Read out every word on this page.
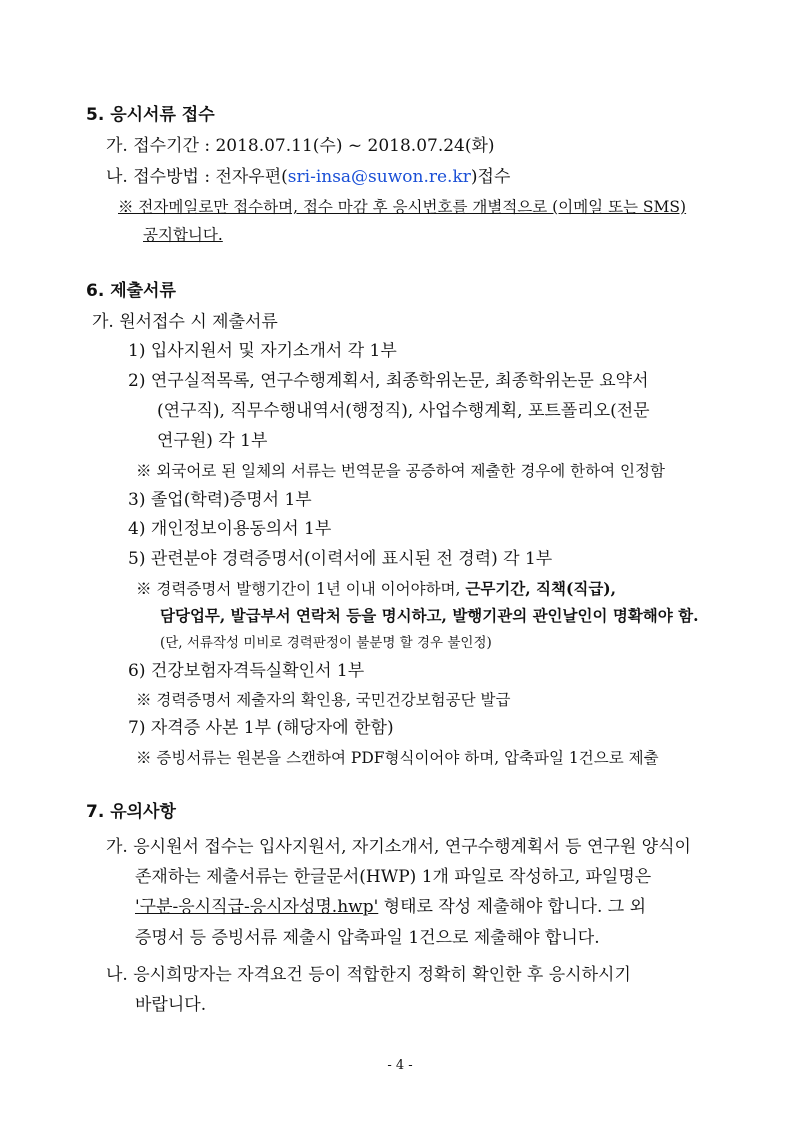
5. 응시서류 접수
가. 접수기간 : 2018.07.11(수) ~ 2018.07.24(화)
나. 접수방법 : 전자우편(sri-insa@suwon.re.kr)접수
※ 전자메일로만 접수하며, 접수 마감 후 응시번호를 개별적으로 (이메일 또는 SMS)
공지합니다.
6. 제출서류
가. 원서접수 시 제출서류
1) 입사지원서 및 자기소개서 각 1부
2) 연구실적목록, 연구수행계획서, 최종학위논문, 최종학위논문 요약서
(연구직), 직무수행내역서(행정직), 사업수행계획, 포트폴리오(전문
연구원) 각 1부
※ 외국어로 된 일체의 서류는 번역문을 공증하여 제출한 경우에 한하여 인정함
3) 졸업(학력)증명서 1부
4) 개인정보이용동의서 1부
5) 관련분야 경력증명서(이력서에 표시된 전 경력) 각 1부
※ 경력증명서 발행기간이 1년 이내 이어야하며, 근무기간, 직책(직급),
담당업무, 발급부서 연락처 등을 명시하고, 발행기관의 관인날인이 명확해야 함.
(단, 서류작성 미비로 경력판정이 불분명 할 경우 불인정)
6) 건강보험자격득실확인서 1부
※ 경력증명서 제출자의 확인용, 국민건강보험공단 발급
7) 자격증 사본 1부 (해당자에 한함)
※ 증빙서류는 원본을 스캔하여 PDF형식이어야 하며, 압축파일 1건으로 제출
7. 유의사항
가. 응시원서 접수는 입사지원서, 자기소개서, 연구수행계획서 등 연구원 양식이
존재하는 제출서류는 한글문서(HWP) 1개 파일로 작성하고, 파일명은
'구분-응시직급-응시자성명.hwp' 형태로 작성 제출해야 합니다. 그 외
증명서 등 증빙서류 제출시 압축파일 1건으로 제출해야 합니다.
나. 응시희망자는 자격요건 등이 적합한지 정확히 확인한 후 응시하시기
바랍니다.
- 4 -
